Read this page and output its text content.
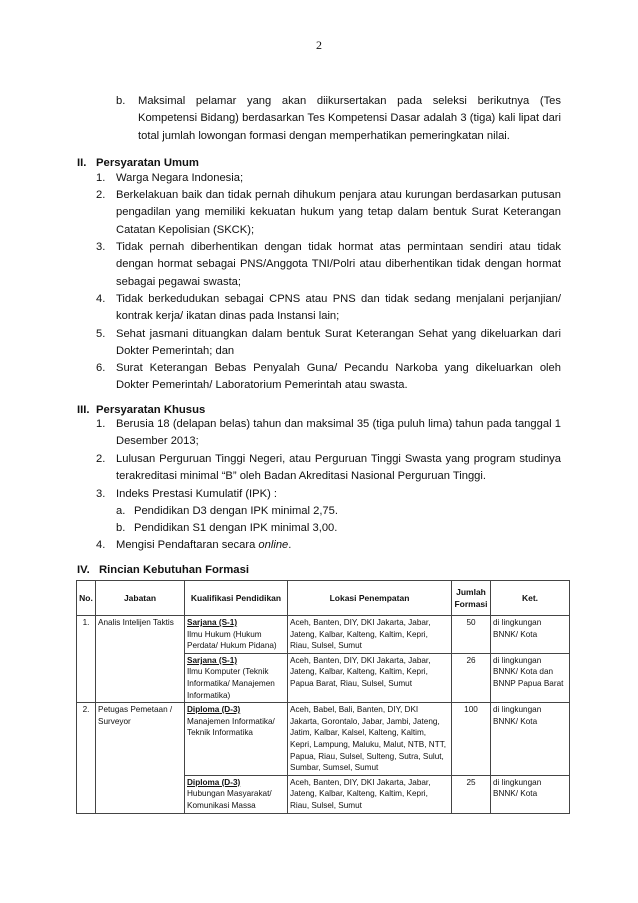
2
b.	Maksimal pelamar yang akan diikursertakan pada seleksi berikutnya (Tes Kompetensi Bidang) berdasarkan Tes Kompetensi Dasar adalah 3 (tiga) kali lipat dari total jumlah lowongan formasi dengan memperhatikan pemeringkatan nilai.
II. Persyaratan Umum
1. Warga Negara Indonesia;
2. Berkelakuan baik dan tidak pernah dihukum penjara atau kurungan berdasarkan putusan pengadilan yang memiliki kekuatan hukum yang tetap dalam bentuk Surat Keterangan Catatan Kepolisian (SKCK);
3. Tidak pernah diberhentikan dengan tidak hormat atas permintaan sendiri atau tidak dengan hormat sebagai PNS/Anggota TNI/Polri atau diberhentikan tidak dengan hormat sebagai pegawai swasta;
4. Tidak berkedudukan sebagai CPNS atau PNS dan tidak sedang menjalani perjanjian/ kontrak kerja/ ikatan dinas pada Instansi lain;
5. Sehat jasmani dituangkan dalam bentuk Surat Keterangan Sehat yang dikeluarkan dari Dokter Pemerintah; dan
6. Surat Keterangan Bebas Penyalah Guna/ Pecandu Narkoba yang dikeluarkan oleh Dokter Pemerintah/ Laboratorium Pemerintah atau swasta.
III. Persyaratan Khusus
1. Berusia 18 (delapan belas) tahun dan maksimal 35 (tiga puluh lima) tahun pada tanggal 1 Desember 2013;
2. Lulusan Perguruan Tinggi Negeri, atau Perguruan Tinggi Swasta yang program studinya terakreditasi minimal “B” oleh Badan Akreditasi Nasional Perguruan Tinggi.
3. Indeks Prestasi Kumulatif (IPK) :
a. Pendidikan D3 dengan IPK minimal 2,75.
b. Pendidikan S1 dengan IPK minimal 3,00.
4. Mengisi Pendaftaran secara online.
IV. Rincian Kebutuhan Formasi
No.	Jabatan	Kualifikasi Pendidikan	Lokasi Penempatan	Jumlah Formasi	Ket.
1.	Analis Intelijen Taktis	Sarjana (S-1)
Ilmu Hukum (Hukum Perdata/ Hukum Pidana)	Aceh, Banten, DIY, DKI Jakarta, Jabar, Jateng, Kalbar, Kalteng, Kaltim, Kepri, Riau, Sulsel, Sumut	50	di lingkungan BNNK/ Kota
		Sarjana (S-1)
Ilmu Komputer (Teknik Informatika/ Manajemen Informatika)	Aceh, Banten, DIY, DKI Jakarta, Jabar, Jateng, Kalbar, Kalteng, Kaltim, Kepri, Papua Barat, Riau, Sulsel, Sumut	26	di lingkungan BNNK/ Kota dan BNNP Papua Barat
2.	Petugas Pemetaan / Surveyor	Diploma (D-3)
Manajemen Informatika/ Teknik Informatika	Aceh, Babel, Bali, Banten, DIY, DKI Jakarta, Gorontalo, Jabar, Jambi, Jateng, Jatim, Kalbar, Kalsel, Kalteng, Kaltim, Kepri, Lampung, Maluku, Malut, NTB, NTT, Papua, Riau, Sulsel, Sulteng, Sutra, Sulut, Sumbar, Sumsel, Sumut	100	di lingkungan BNNK/ Kota
		Diploma (D-3)
Hubungan Masyarakat/ Komunikasi Massa	Aceh, Banten, DIY, DKI Jakarta, Jabar, Jateng, Kalbar, Kalteng, Kaltim, Kepri, Riau, Sulsel, Sumut	25	di lingkungan BNNK/ Kota
